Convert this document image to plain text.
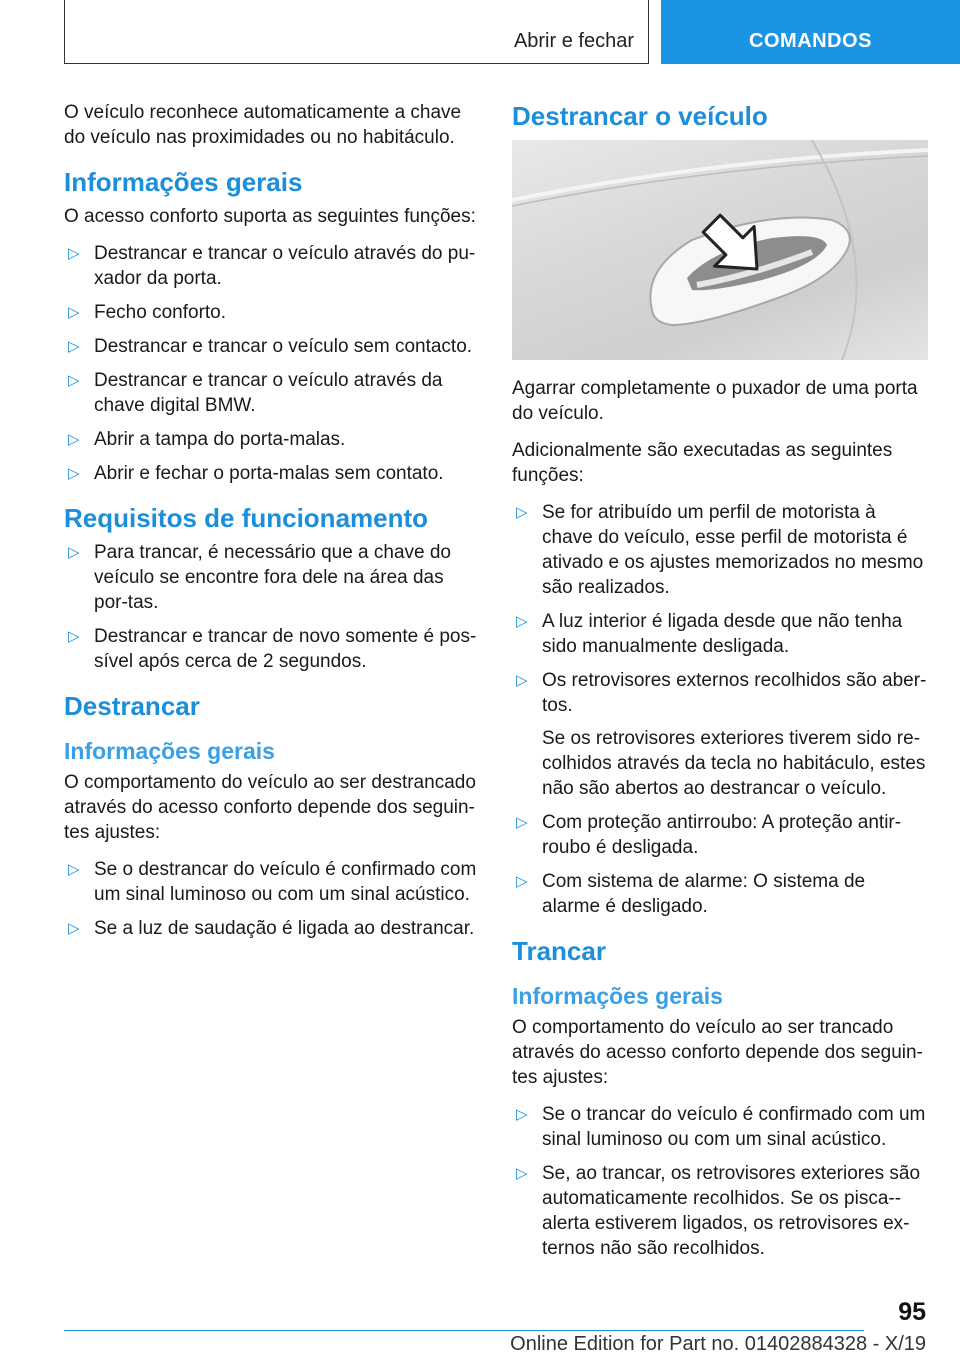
Abrir e fechar	COMANDOS

O veículo reconhece automaticamente a chave do veículo nas proximidades ou no habitáculo.

Informações gerais

O acesso conforto suporta as seguintes funções:

▷ Destrancar e trancar o veículo através do pu-xador da porta.
▷ Fecho conforto.
▷ Destrancar e trancar o veículo sem contacto.
▷ Destrancar e trancar o veículo através da chave digital BMW.
▷ Abrir a tampa do porta-malas.
▷ Abrir e fechar o porta-malas sem contato.
Requisitos de funcionamento
▷ Para trancar, é necessário que a chave do veículo se encontre fora dele na área das por-tas.
▷ Destrancar e trancar de novo somente é pos-sível após cerca de 2 segundos.
Destrancar
Informações gerais

O comportamento do veículo ao ser destrancado através do acesso conforto depende dos seguin-tes ajustes:

▷ Se o destrancar do veículo é confirmado com um sinal luminoso ou com um sinal acústico.
▷ Se a luz de saudação é ligada ao destrancar.
Destrancar o veículo

Agarrar completamente o puxador de uma porta do veículo.

Adicionalmente são executadas as seguintes funções:

▷ Se for atribuído um perfil de motorista à chave do veículo, esse perfil de motorista é ativado e os ajustes memorizados no mesmo são realizados.
▷ A luz interior é ligada desde que não tenha sido manualmente desligada.
▷ Os retrovisores externos recolhidos são aber-tos.
Se os retrovisores exteriores tiverem sido re-colhidos através da tecla no habitáculo, estes não são abertos ao destrancar o veículo.
▷ Com proteção antirroubo: A proteção antir-roubo é desligada.
▷ Com sistema de alarme: O sistema de alarme é desligado.
Trancar
Informações gerais

O comportamento do veículo ao ser trancado através do acesso conforto depende dos seguin-tes ajustes:

▷ Se o trancar do veículo é confirmado com um sinal luminoso ou com um sinal acústico.
▷ Se, ao trancar, os retrovisores exteriores são automaticamente recolhidos. Se os pisca--alerta estiverem ligados, os retrovisores ex-ternos não são recolhidos.
95
Online Edition for Part no. 01402884328 - X/19
